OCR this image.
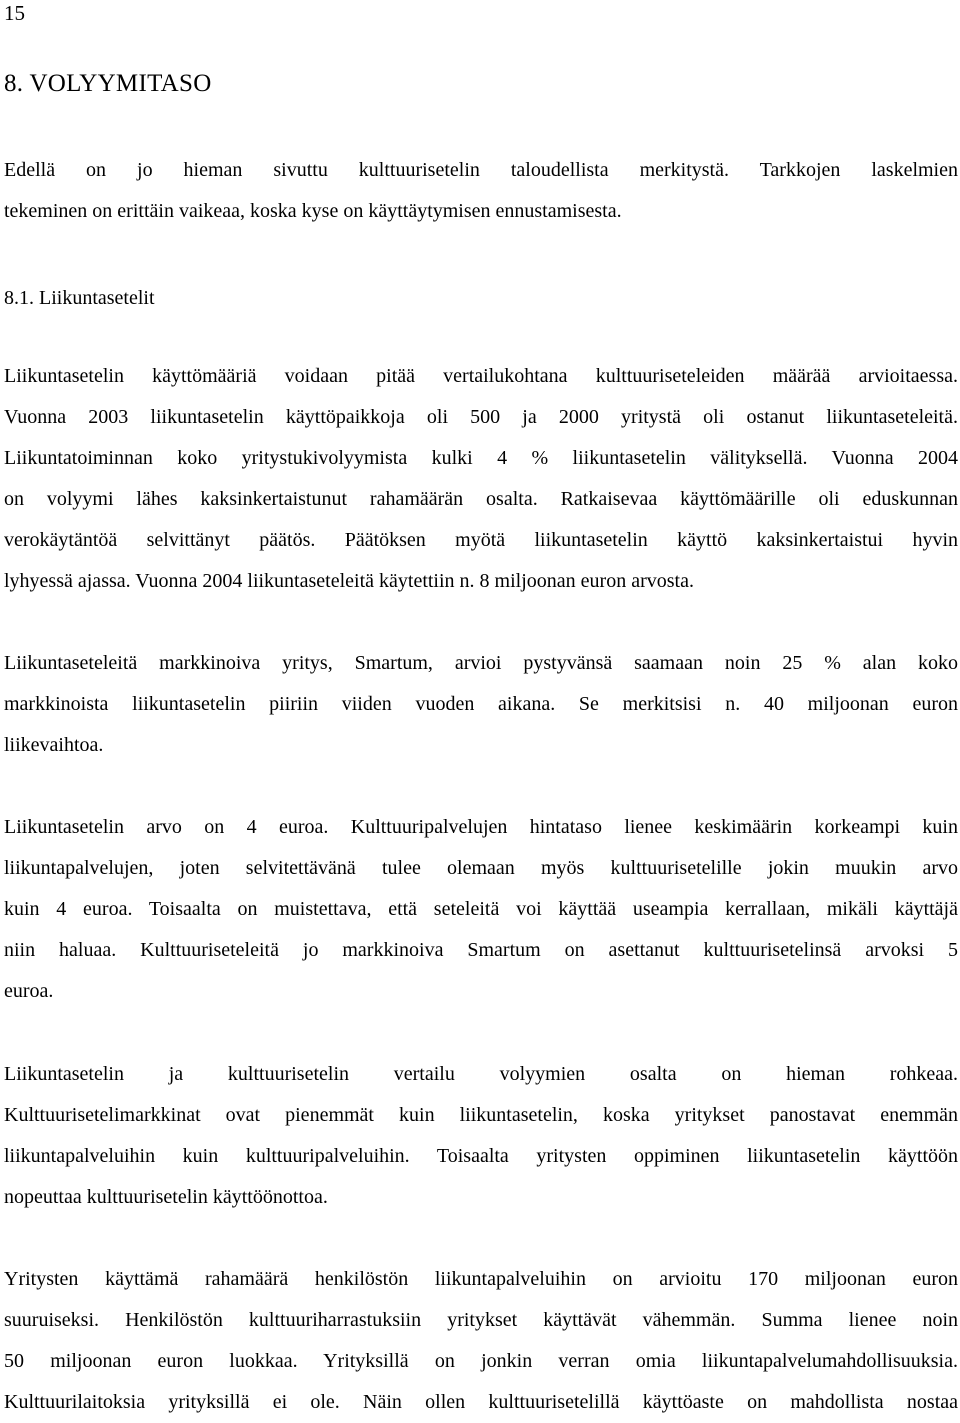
15
8. VOLYYMITASO

Edellä on jo hieman sivuttu kulttuurisetelin taloudellista merkitystä. Tarkkojen laskelmien
tekeminen on erittäin vaikeaa, koska kyse on käyttäytymisen ennustamisesta.

8.1. Liikuntasetelit

Liikuntasetelin käyttömääriä voidaan pitää vertailukohtana kulttuuriseteleiden määrää arvioitaessa.
Vuonna 2003 liikuntasetelin käyttöpaikkoja oli 500 ja 2000 yritystä oli ostanut liikuntaseteleitä.
Liikuntatoiminnan koko yritystukivolyymista kulki 4 % liikuntasetelin välityksellä. Vuonna 2004
on volyymi lähes kaksinkertaistunut rahamäärän osalta. Ratkaisevaa käyttömäärille oli eduskunnan
verokäytäntöä selvittänyt päätös. Päätöksen myötä liikuntasetelin käyttö kaksinkertaistui hyvin
lyhyessä ajassa. Vuonna 2004 liikuntaseteleitä käytettiin n. 8 miljoonan euron arvosta.

Liikuntaseteleitä markkinoiva yritys, Smartum, arvioi pystyvänsä saamaan noin 25 % alan koko
markkinoista liikuntasetelin piiriin viiden vuoden aikana. Se merkitsisi n. 40 miljoonan euron
liikevaihtoa.

Liikuntasetelin arvo on 4 euroa. Kulttuuripalvelujen hintataso lienee keskimäärin korkeampi kuin
liikuntapalvelujen, joten selvitettävänä tulee olemaan myös kulttuurisetelille jokin muukin arvo
kuin 4 euroa. Toisaalta on muistettava, että seteleitä voi käyttää useampia kerrallaan, mikäli käyttäjä
niin haluaa. Kulttuuriseteleitä jo markkinoiva Smartum on asettanut kulttuurisetelinsä arvoksi 5
euroa.

Liikuntasetelin ja kulttuurisetelin vertailu volyymien osalta on hieman rohkeaa.
Kulttuurisetelimarkkinat ovat pienemmät kuin liikuntasetelin, koska yritykset panostavat enemmän
liikuntapalveluihin kuin kulttuuripalveluihin. Toisaalta yritysten oppiminen liikuntasetelin käyttöön
nopeuttaa kulttuurisetelin käyttöönottoa.

Yritysten käyttämä rahamäärä henkilöstön liikuntapalveluihin on arvioitu 170 miljoonan euron
suuruiseksi. Henkilöstön kulttuuriharrastuksiin yritykset käyttävät vähemmän. Summa lienee noin
50 miljoonan euron luokkaa. Yrityksillä on jonkin verran omia liikuntapalvelumahdollisuuksia.
Kulttuurilaitoksia yrityksillä ei ole. Näin ollen kulttuurisetelillä käyttöaste on mahdollista nostaa
